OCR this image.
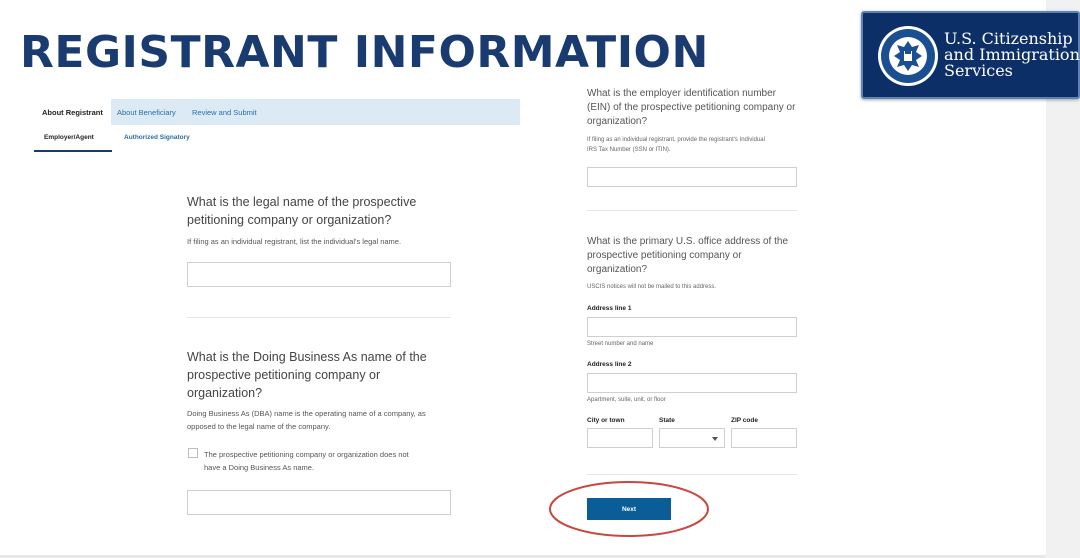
REGISTRANT INFORMATION	U.S. Citizenship
and Immigration
Services
About Registrant	About Beneficiary Review and Submit
Employer/Agent	Authorized Signatory
What is the legal name of the prospective
petitioning company or organization?

If filing as an individual registrant, list the individual's legal name.

What is the Doing Business As name of the
prospective petitioning company or
organization?

Doing Business As (DBA) name is the operating name of a company, as

opposed to the legal name of the company.

The prospective petitioning company or organization does not

have a Doing Business As name.

What is the employer identification number
(EIN) of the prospective petitioning company or
organization?

If filing as an individual registrant, provide the registrant's Individual

IRS Tax Number (SSN or ITIN).

What is the primary U.S. office address of the
prospective petitioning company or
organization?

USCIS notices will not be mailed to this address.

Address line 1

Street number and name

Address line 2

Apartment, suite, unit, or floor

City or town	State	ZIP code

Next
